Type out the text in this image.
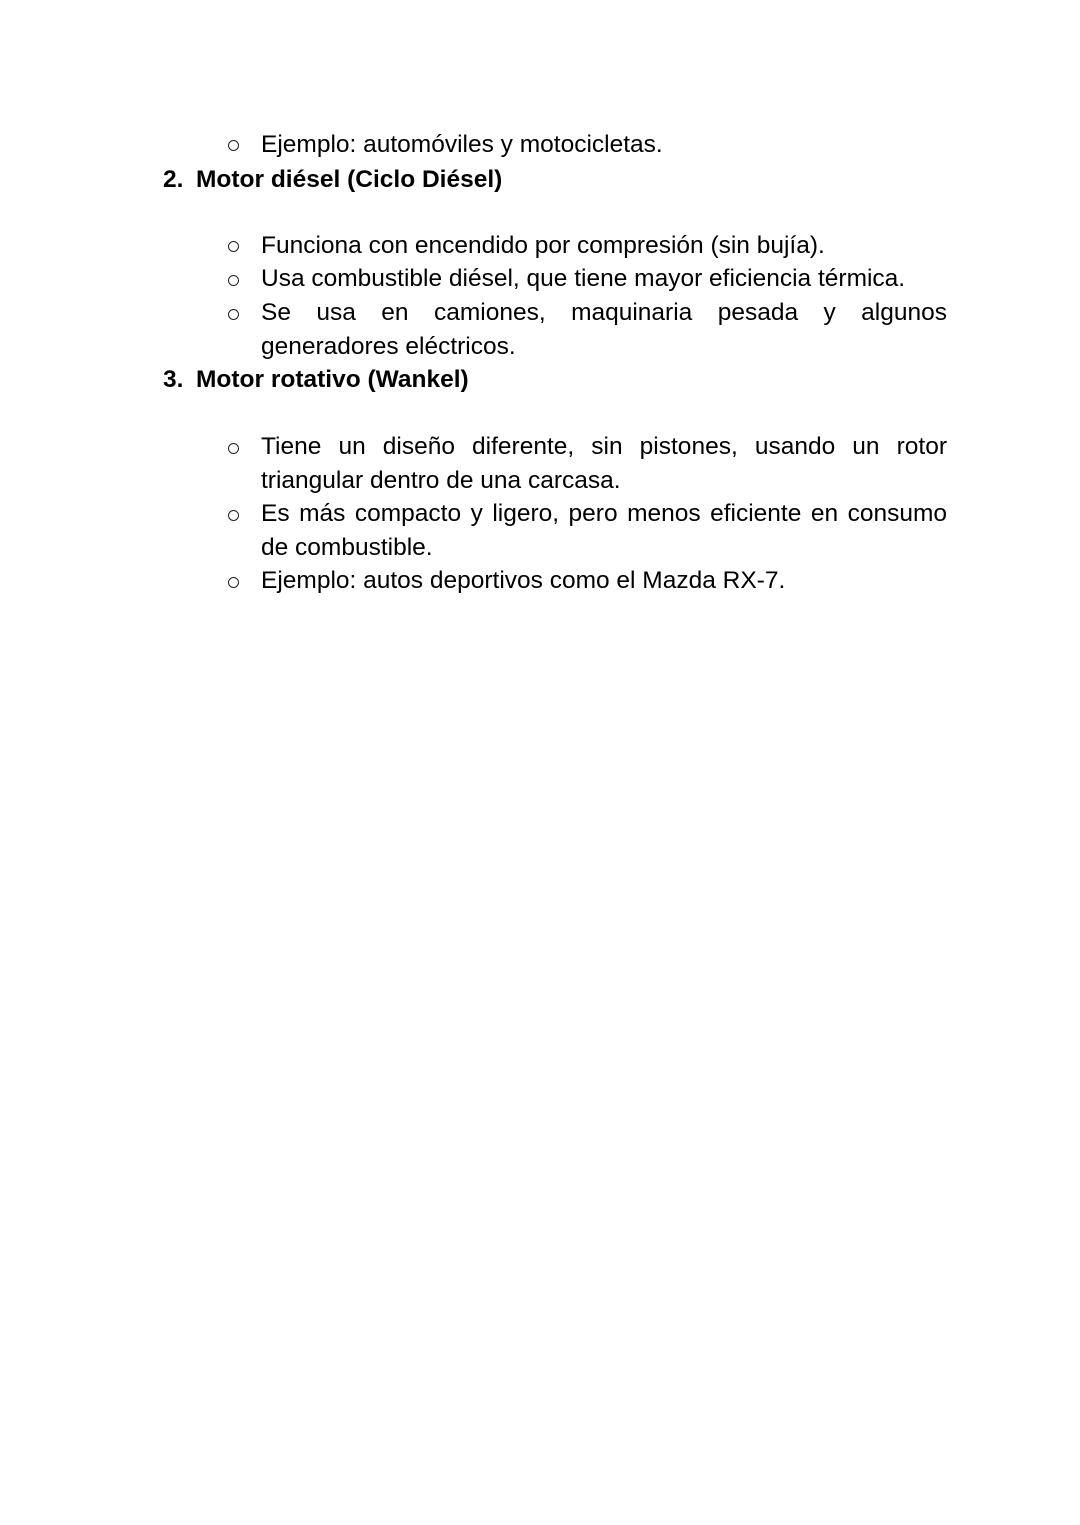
Ejemplo: automóviles y motocicletas.
2. Motor diésel (Ciclo Diésel)
Funciona con encendido por compresión (sin bujía).
Usa combustible diésel, que tiene mayor eficiencia térmica.
Se usa en camiones, maquinaria pesada y algunos generadores eléctricos.
3. Motor rotativo (Wankel)
Tiene un diseño diferente, sin pistones, usando un rotor triangular dentro de una carcasa.
Es más compacto y ligero, pero menos eficiente en consumo de combustible.
Ejemplo: autos deportivos como el Mazda RX-7.
